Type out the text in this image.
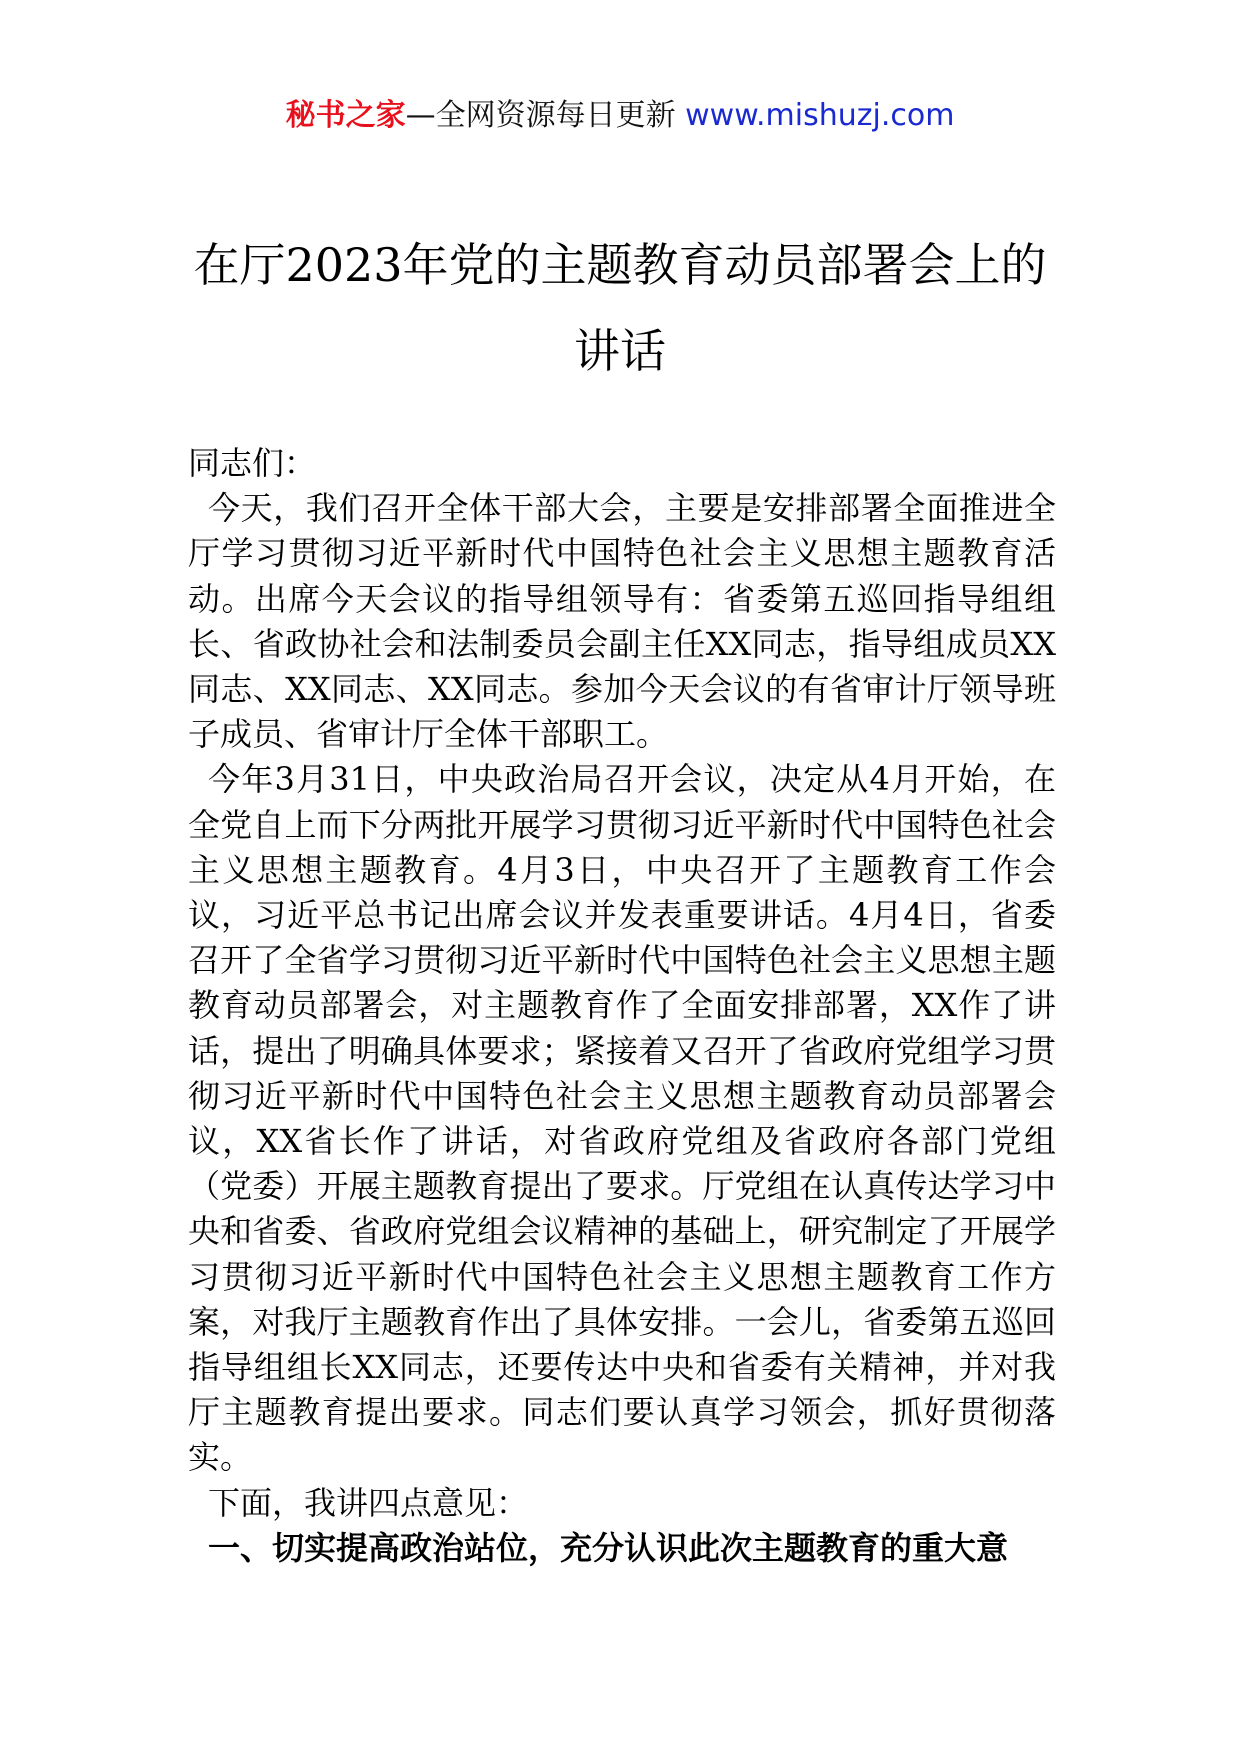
秘书之家—全网资源每日更新 www.mishuzj.com
在厅2023年党的主题教育动员部署会上的
讲话

同志们：

今天，我们召开全体干部大会，主要是安排部署全面推进全厅学习贯彻习近平新时代中国特色社会主义思想主题教育活动。出席今天会议的指导组领导有：省委第五巡回指导组组长、省政协社会和法制委员会副主任XX同志，指导组成员XX同志、XX同志、XX同志。参加今天会议的有省审计厅领导班子成员、省审计厅全体干部职工。

今年3月31日，中央政治局召开会议，决定从4月开始，在全党自上而下分两批开展学习贯彻习近平新时代中国特色社会主义思想主题教育。4月3日，中央召开了主题教育工作会议，习近平总书记出席会议并发表重要讲话。4月4日，省委召开了全省学习贯彻习近平新时代中国特色社会主义思想主题教育动员部署会，对主题教育作了全面安排部署，XX作了讲话，提出了明确具体要求；紧接着又召开了省政府党组学习贯彻习近平新时代中国特色社会主义思想主题教育动员部署会议，XX省长作了讲话，对省政府党组及省政府各部门党组（党委）开展主题教育提出了要求。厅党组在认真传达学习中央和省委、省政府党组会议精神的基础上，研究制定了开展学习贯彻习近平新时代中国特色社会主义思想主题教育工作方案，对我厅主题教育作出了具体安排。一会儿，省委第五巡回指导组组长XX同志，还要传达中央和省委有关精神，并对我厅主题教育提出要求。同志们要认真学习领会，抓好贯彻落实。

下面，我讲四点意见：

一、切实提高政治站位，充分认识此次主题教育的重大意
